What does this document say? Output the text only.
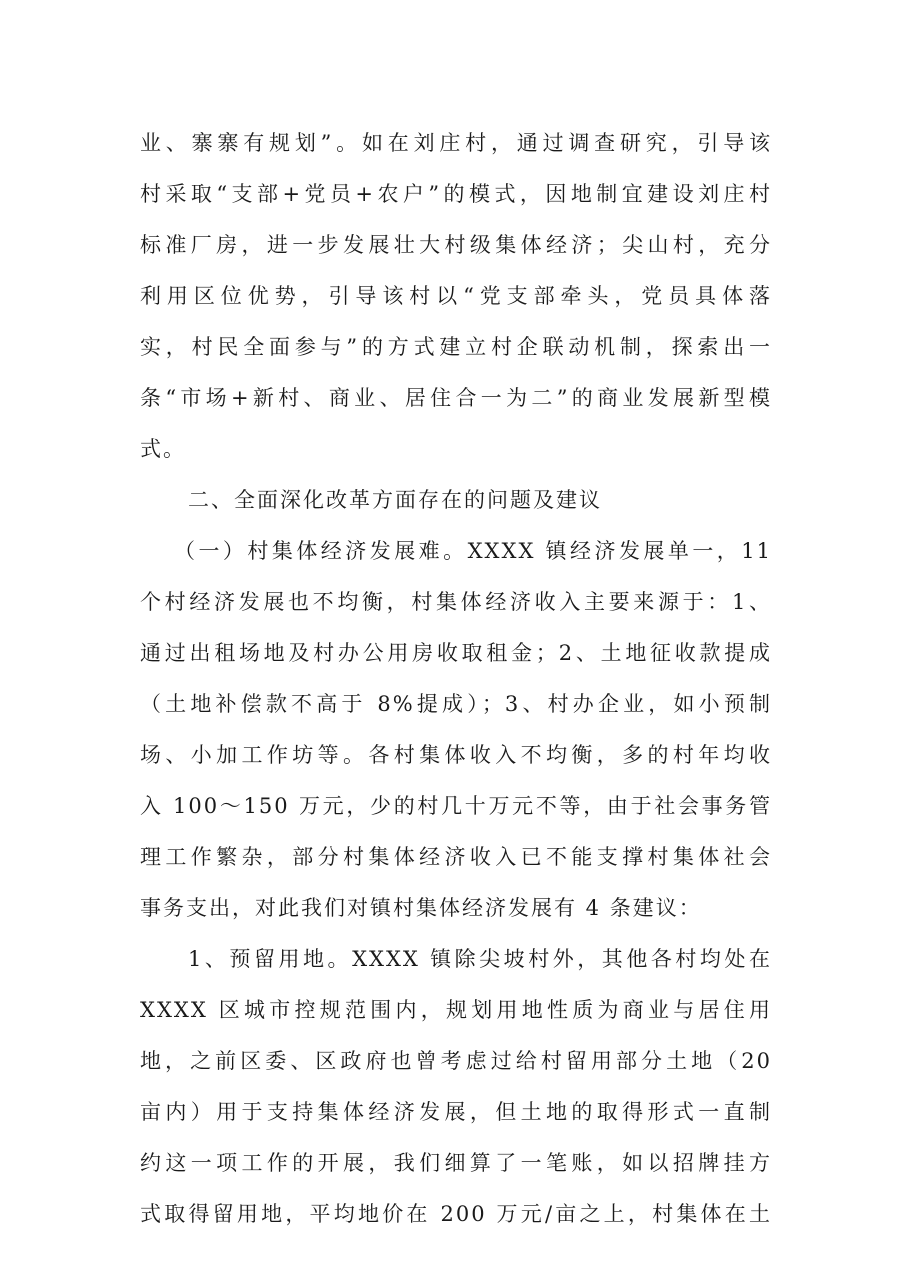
业、寨寨有规划”。如在刘庄村，通过调查研究，引导该

村采取“支部+党员+农户”的模式，因地制宜建设刘庄村

标准厂房，进一步发展壮大村级集体经济；尖山村，充分

利用区位优势，引导该村以“党支部牵头，党员具体落

实，村民全面参与”的方式建立村企联动机制，探索出一

条“市场+新村、商业、居住合一为二”的商业发展新型模

式。

二、全面深化改革方面存在的问题及建议

（一）村集体经济发展难。XXXX 镇经济发展单一，11

个村经济发展也不均衡，村集体经济收入主要来源于：1、

通过出租场地及村办公用房收取租金；2、土地征收款提成

（土地补偿款不高于 8%提成）；3、村办企业，如小预制

场、小加工作坊等。各村集体收入不均衡，多的村年均收

入 100～150 万元，少的村几十万元不等，由于社会事务管

理工作繁杂，部分村集体经济收入已不能支撑村集体社会

事务支出，对此我们对镇村集体经济发展有 4 条建议：

1、预留用地。XXXX 镇除尖坡村外，其他各村均处在

XXXX 区城市控规范围内，规划用地性质为商业与居住用

地，之前区委、区政府也曾考虑过给村留用部分土地（20

亩内）用于支持集体经济发展，但土地的取得形式一直制

约这一项工作的开展，我们细算了一笔账，如以招牌挂方

式取得留用地，平均地价在 200 万元/亩之上，村集体在土
